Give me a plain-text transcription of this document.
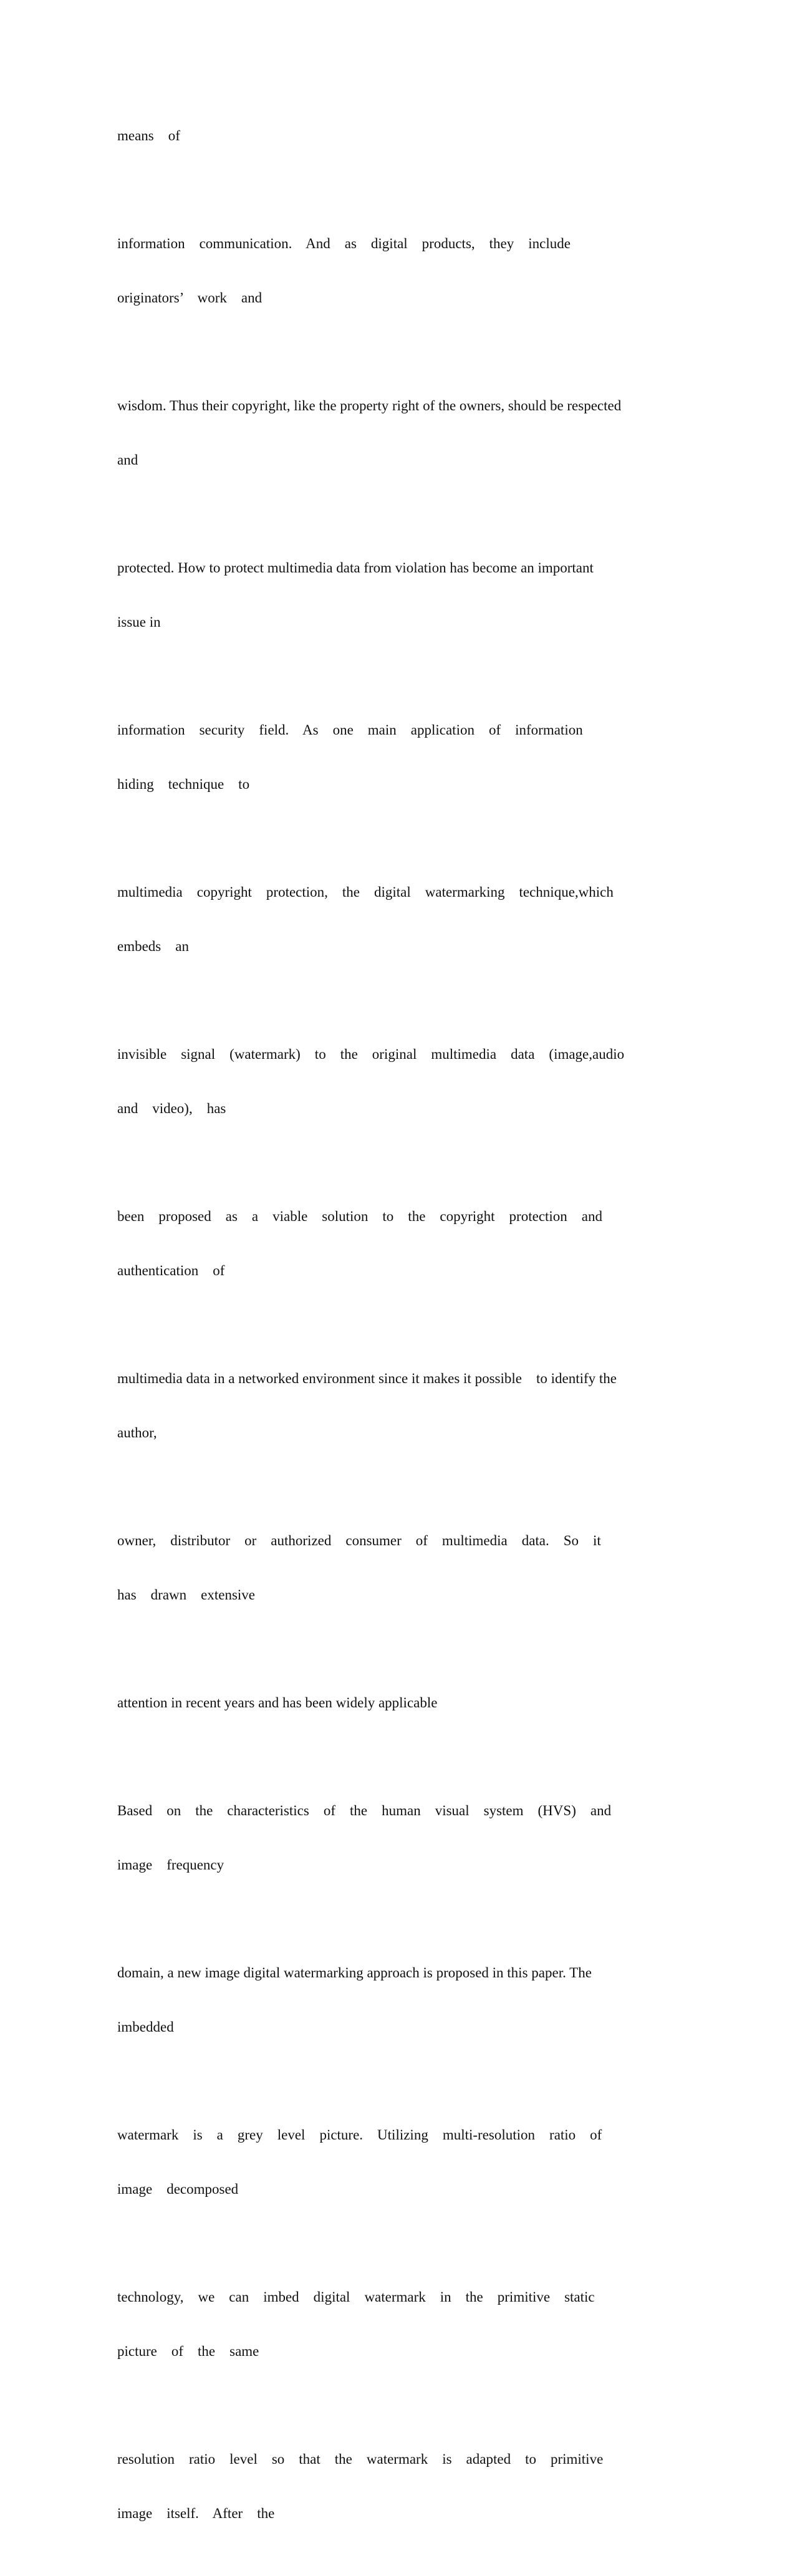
means    of

information    communication.    And    as    digital    products,    they    include

originators’    work    and

wisdom. Thus their copyright, like the property right of the owners, should be respected

and

protected. How to protect multimedia data from violation has become an important

issue in

information    security    field.    As    one    main    application    of    information

hiding    technique    to

multimedia    copyright    protection,    the    digital    watermarking    technique,which

embeds    an

invisible    signal    (watermark)    to    the    original    multimedia    data    (image,audio

and    video),    has

been    proposed    as    a    viable    solution    to    the    copyright    protection    and

authentication    of

multimedia data in a networked environment since it makes it possible    to identify the

author,

owner,    distributor    or    authorized    consumer    of    multimedia    data.    So    it

has    drawn    extensive

attention in recent years and has been widely applicable

Based    on    the    characteristics    of    the    human    visual    system    (HVS)    and

image    frequency

domain, a new image digital watermarking approach is proposed in this paper. The

imbedded

watermark    is    a    grey    level    picture.    Utilizing    multi-resolution    ratio    of

image    decomposed

technology,    we    can    imbed    digital    watermark    in    the    primitive    static

picture    of    the    same

resolution    ratio    level    so    that    the    watermark    is    adapted    to    primitive

image    itself.    After    the
